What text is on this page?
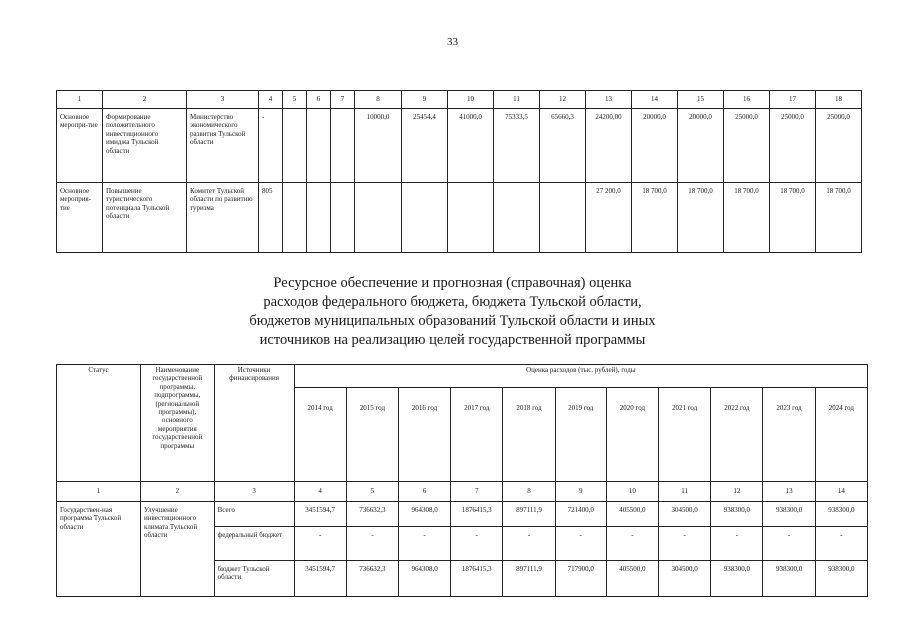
33
1	2	3	4	5	6	7	8	9	10	11	12	13	14	15	16	17	18
Основное меропри-тие	Формирование положительного инвестиционного имиджа Тульской области	Министерство экономического развития Тульской области	-				10000,0	25454,4	41000,0	75333,5	65660,3	24200,00	20000,0	20000,0	25000,0	25000,0	25000,0
Основное мероприя-тие	Повышение туристического потенциала Тульской области	Комитет Тульской области по развитию туризма	805									27 200,0	18 700,0	18 700,0	18 700,0	18 700,0	18 700,0
Ресурсное обеспечение и прогнозная (справочная) оценка
расходов федерального бюджета, бюджета Тульской области,
бюджетов муниципальных образований Тульской области и иных
источников на реализацию целей государственной программы
Статус	Наименование государственной программы, подпрограммы, (региональной программы), основного мероприятия государственной программы	Источники финансирования	Оценка расходов (тыс. рублей), годы										
			2014 год	2015 год	2016 год	2017 год	2018 год	2019 год	2020 год	2021 год	2022 год	2023 год	2024 год
1	2	3	4	5	6	7	8	9	10	11	12	13	14
Государствен-ная программа Тульской области	Улучшение инвестиционного климата Тульской области	Всего	3451594,7	736632,3	964308,0	1876415,3	897111,9	721400,0	405500,0	304500,0	938300,0	938300,0	938300,0
		федеральный бюджет	-	-	-	-	-	-	-	-	-	-	-
		бюджет Тульской области	3451594,7	736632,3	964308,0	1876415,3	897111,9	717900,0	405500,0	304500,0	938300,0	938300,0	938300,0
